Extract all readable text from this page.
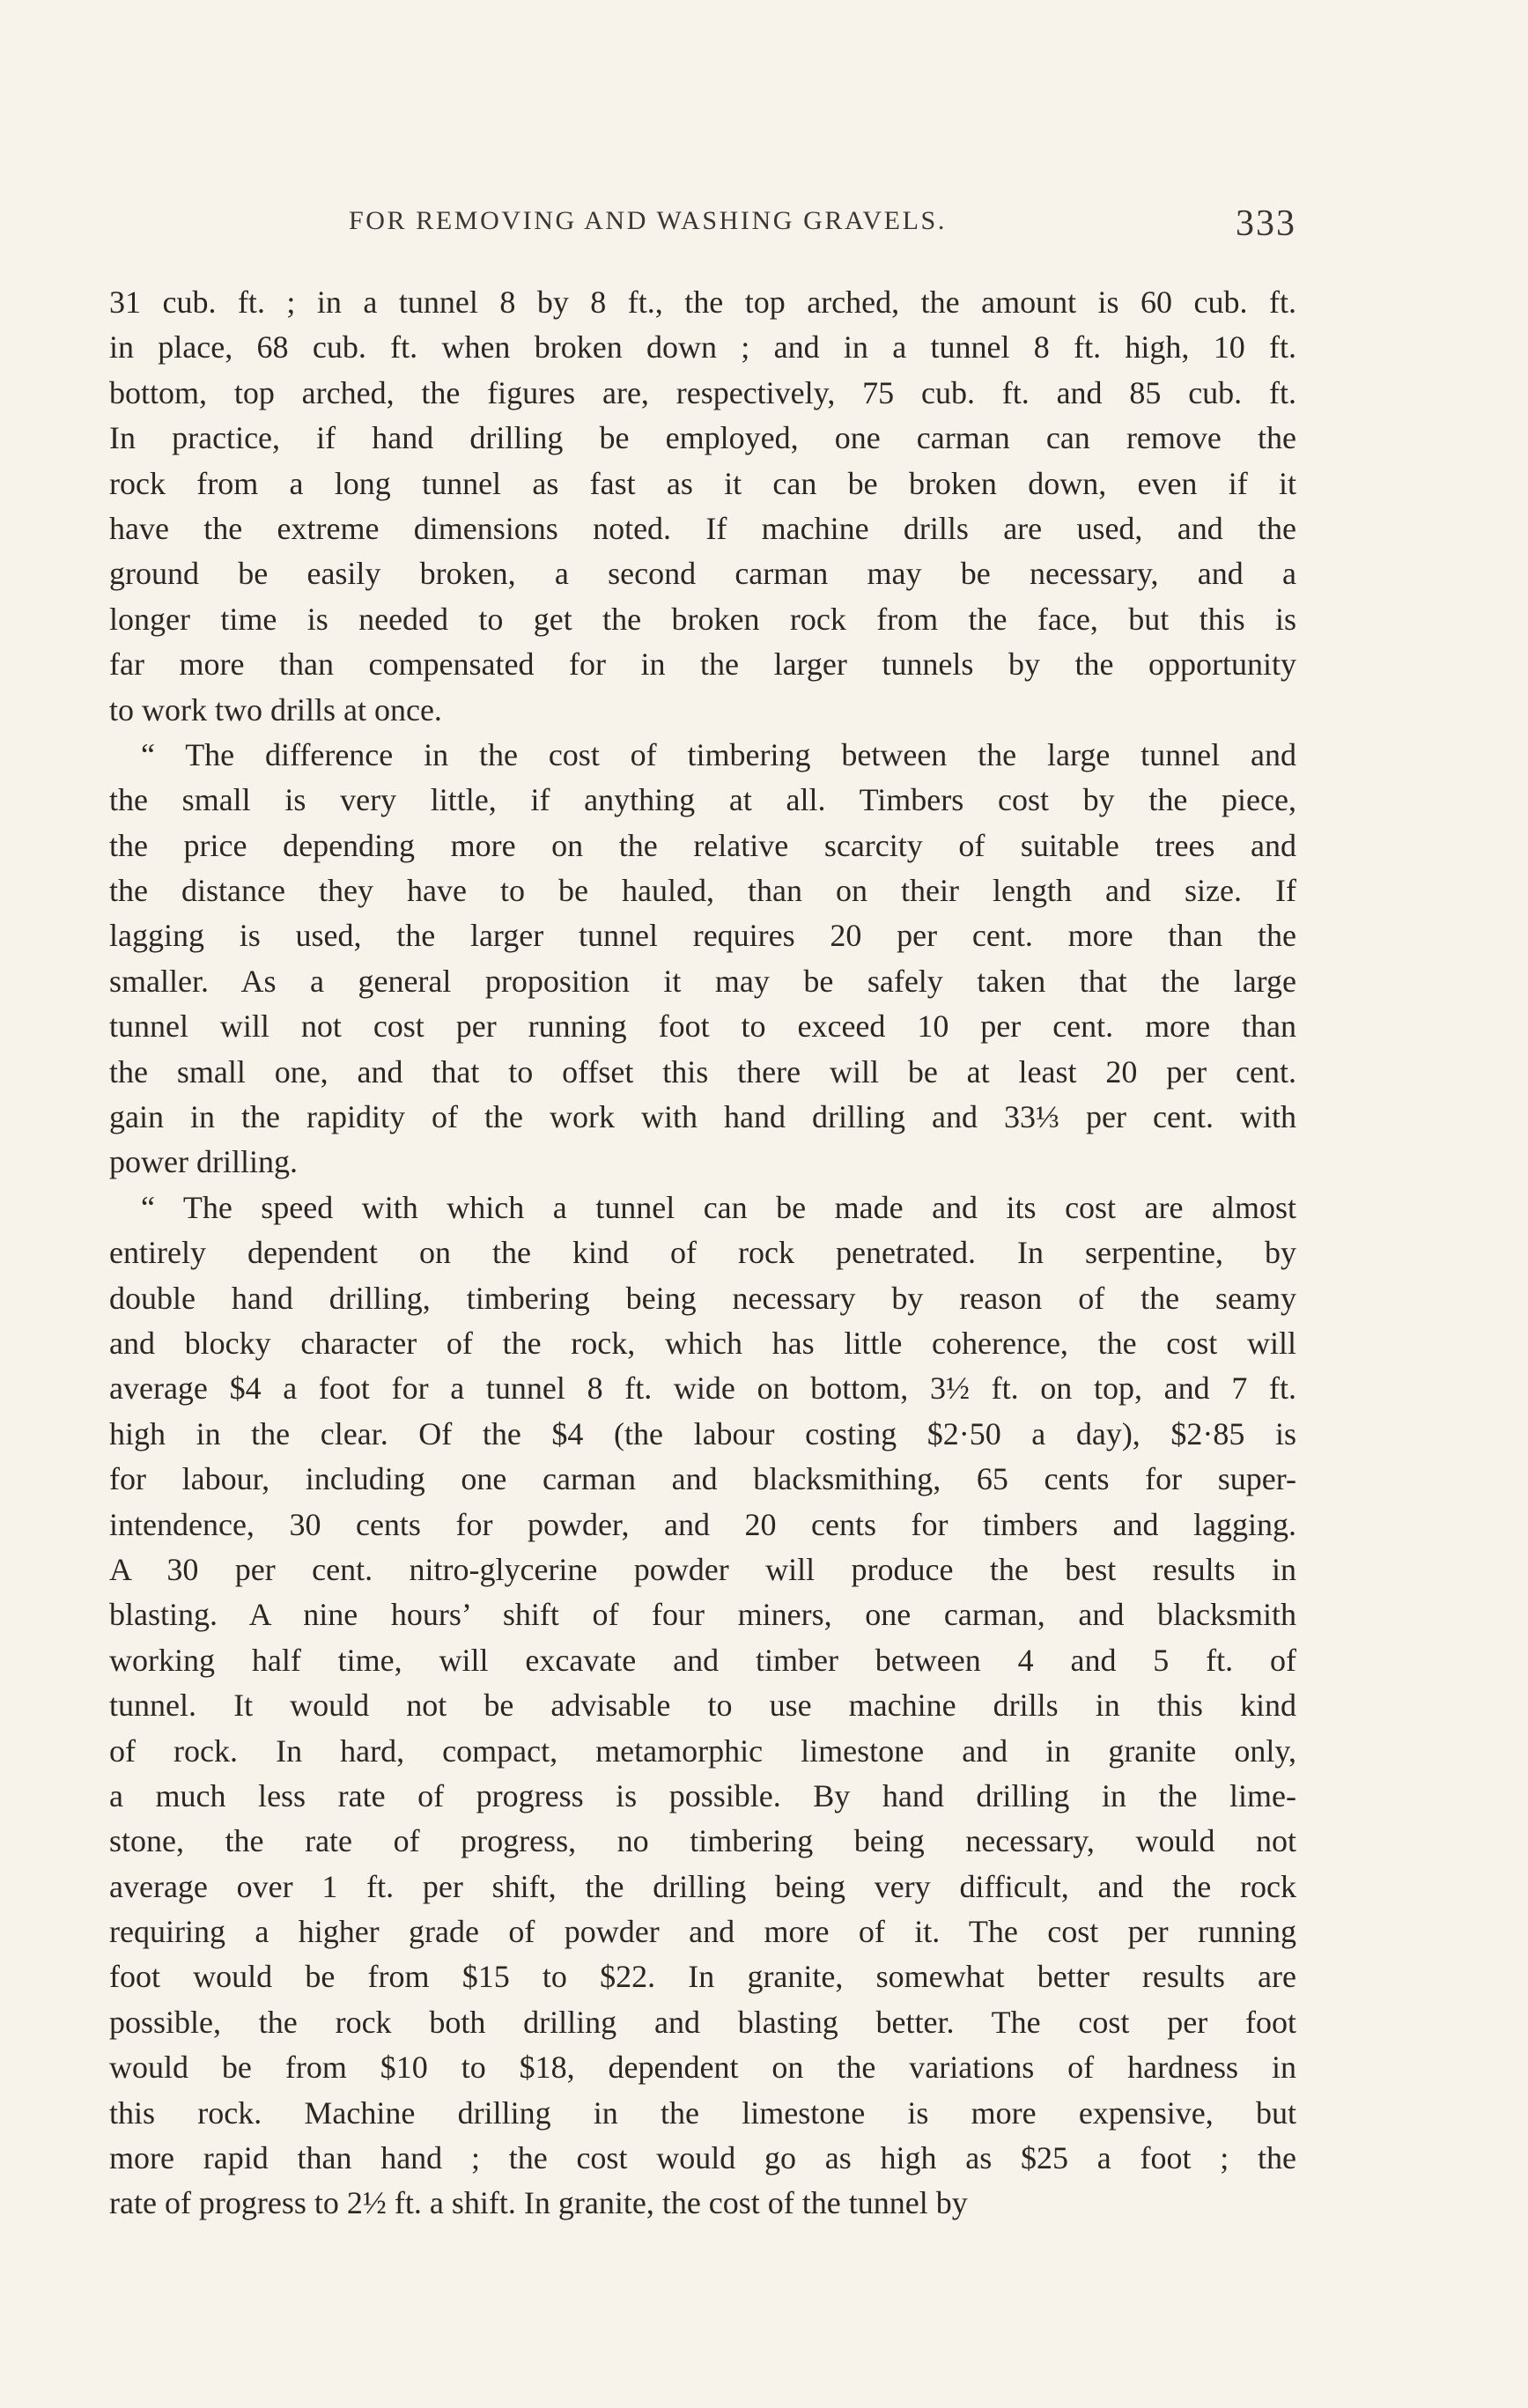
FOR REMOVING AND WASHING GRAVELS.	333
31 cub. ft. ; in a tunnel 8 by 8 ft., the top arched, the amount is 60 cub. ft.
in place, 68 cub. ft. when broken down ; and in a tunnel 8 ft. high, 10 ft.
bottom, top arched, the figures are, respectively, 75 cub. ft. and 85 cub. ft.
In practice, if hand drilling be employed, one carman can remove the
rock from a long tunnel as fast as it can be broken down, even if it
have the extreme dimensions noted. If machine drills are used, and the
ground be easily broken, a second carman may be necessary, and a
longer time is needed to get the broken rock from the face, but this is
far more than compensated for in the larger tunnels by the opportunity
to work two drills at once.
“ The difference in the cost of timbering between the large tunnel and
the small is very little, if anything at all. Timbers cost by the piece,
the price depending more on the relative scarcity of suitable trees and
the distance they have to be hauled, than on their length and size. If
lagging is used, the larger tunnel requires 20 per cent. more than the
smaller. As a general proposition it may be safely taken that the large
tunnel will not cost per running foot to exceed 10 per cent. more than
the small one, and that to offset this there will be at least 20 per cent.
gain in the rapidity of the work with hand drilling and 33⅓ per cent. with
power drilling.
“ The speed with which a tunnel can be made and its cost are almost
entirely dependent on the kind of rock penetrated. In serpentine, by
double hand drilling, timbering being necessary by reason of the seamy
and blocky character of the rock, which has little coherence, the cost will
average $4 a foot for a tunnel 8 ft. wide on bottom, 3½ ft. on top, and 7 ft.
high in the clear. Of the $4 (the labour costing $2·50 a day), $2·85 is
for labour, including one carman and blacksmithing, 65 cents for super-
intendence, 30 cents for powder, and 20 cents for timbers and lagging.
A 30 per cent. nitro-glycerine powder will produce the best results in
blasting. A nine hours’ shift of four miners, one carman, and blacksmith
working half time, will excavate and timber between 4 and 5 ft. of
tunnel. It would not be advisable to use machine drills in this kind
of rock. In hard, compact, metamorphic limestone and in granite only,
a much less rate of progress is possible. By hand drilling in the lime-
stone, the rate of progress, no timbering being necessary, would not
average over 1 ft. per shift, the drilling being very difficult, and the rock
requiring a higher grade of powder and more of it. The cost per running
foot would be from $15 to $22. In granite, somewhat better results are
possible, the rock both drilling and blasting better. The cost per foot
would be from $10 to $18, dependent on the variations of hardness in
this rock. Machine drilling in the limestone is more expensive, but
more rapid than hand ; the cost would go as high as $25 a foot ; the
rate of progress to 2½ ft. a shift. In granite, the cost of the tunnel by
